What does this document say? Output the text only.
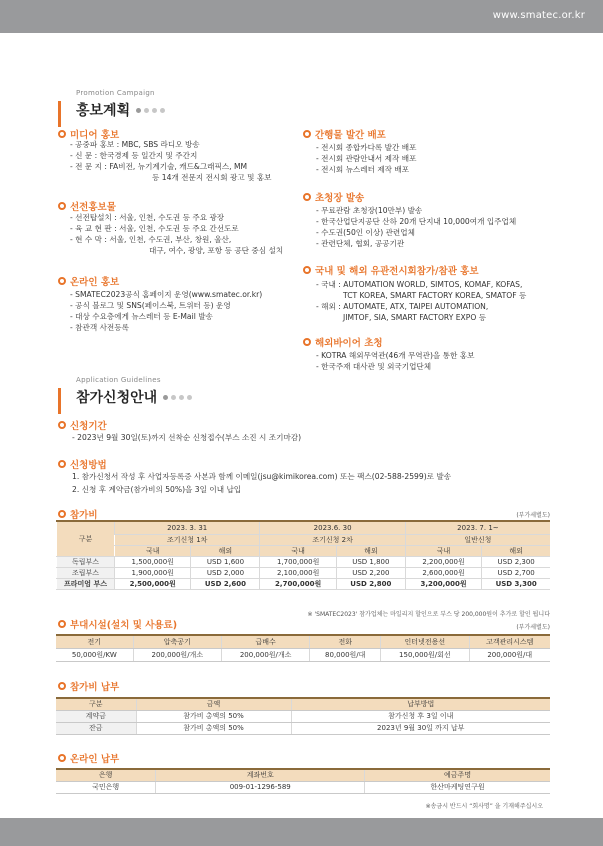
www.smatec.or.kr
Promotion Campaign
홍보계획
미디어 홍보
- 공중파 홍보 : MBC, SBS 라디오 방송
- 신 문 : 한국경제 등 일간지 및 주간지
- 전 문 지 : FA비전, 뉴기계기술, 캐드&그래픽스, MM
등 14개 전문지 전시회 광고 및 홍보
선전홍보물
- 선전탑설치 : 서울, 인천, 수도권 등 주요 광장
- 육 교 현 판 : 서울, 인천, 수도권 등 주요 간선도로
- 현 수 막 : 서울, 인천, 수도권, 부산, 창원, 울산,
대구, 여수, 광양, 포항 등 공단 중심 설치
온라인 홍보
- SMATEC2023공식 홈페이지 운영(www.smatec.or.kr)
- 공식 블로그 및 SNS(페이스북, 트위터 등) 운영
- 대상 수요층에게 뉴스레터 등 E-Mail 발송
- 참관객 사전등록
간행물 발간 배포
- 전시회 종합카다록 발간 배포
- 전시회 관람안내서 제작 배포
- 전시회 뉴스레터 제작 배포
초청장 발송
- 무료관람 초청장(10만부) 발송
- 한국산업단지공단 산하 20개 단지내 10,000여개 입주업체
- 수도권(50인 이상) 관련업체
- 관련단체, 협회, 공공기관
국내 및 해외 유관전시회참가/참관 홍보
- 국내 : AUTOMATION WORLD, SIMTOS, KOMAF, KOFAS,
TCT KOREA, SMART FACTORY KOREA, SMATOF 등
- 해외 : AUTOMATE, ATX, TAIPEI AUTOMATION,
JIMTOF, SIA, SMART FACTORY EXPO 등
해외바이어 초청
- KOTRA 해외무역관(46개 무역관)을 통한 홍보
- 한국주재 대사관 및 외국기업단체
Application Guidelines
참가신청안내
신청기간
- 2023년 9월 30일(토)까지 선착순 신청접수(부스 소진 시 조기마감)
신청방법
1. 참가신청서 작성 후 사업자등록증 사본과 함께 이메일(jsu@kimikorea.com) 또는 팩스(02-588-2599)로 발송
2. 신청 후 계약금(참가비의 50%)을 3일 이내 납입
참가비	(부가세별도)
구분	2023. 3. 31		2023.6. 30		2023. 7. 1~	
	조기신청 1차		조기신청 2차		일반신청	
	국내	해외	국내	해외	국내	해외
독립부스	1,500,000원	USD 1,600	1,700,000원	USD 1,800	2,200,000원	USD 2,300
조립부스	1,900,000원	USD 2,000	2,100,000원	USD 2,200	2,600,000원	USD 2,700
프라미엄 부스	2,500,000원	USD 2,600	2,700,000원	USD 2,800	3,200,000원	USD 3,300
※ 'SMATEC2023' 참가업체는 마일리지 할인으로 부스 당 200,000원이 추가로 할인 됩니다
부대시설(설치 및 사용료)	(부가세별도)
전기	압축공기	급배수	전화	인터넷전용선	고객관리시스템
50,000원/KW	200,000원/개소	200,000원/개소	80,000원/대	150,000원/회선	200,000원/대
참가비 납부
구분	금액	납부방법
계약금	참가비 총액의 50%	참가신청 후 3일 이내
잔금	참가비 총액의 50%	2023년 9월 30일 까지 납부
온라인 납부
은행	계좌번호	예금주명
국민은행	009-01-1296-589	한산마케팅연구원
※송금시 반드시 “회사명” 을 기재해주십시오
